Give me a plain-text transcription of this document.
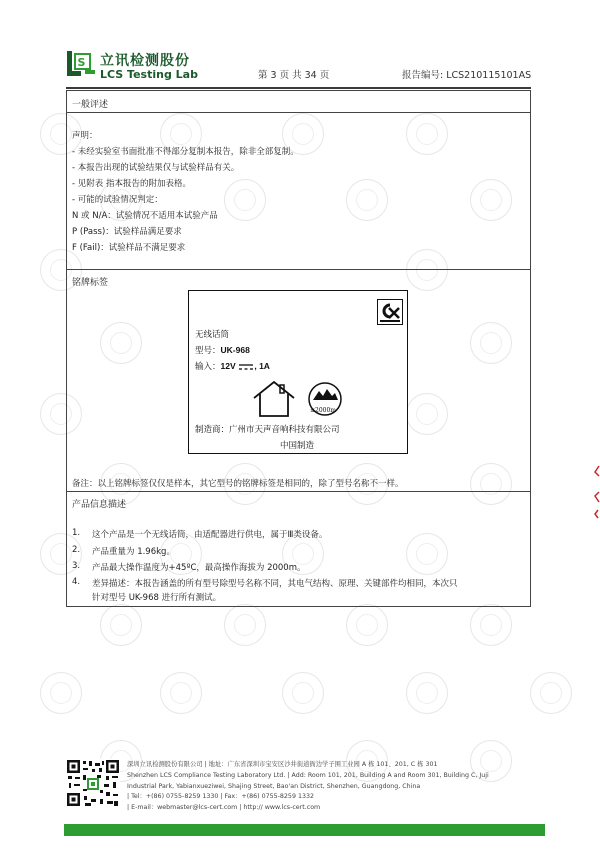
S 立讯检测股份
LCS Testing Lab	第 3 页 共 34 页	报告编号: LCS210115101AS
一般评述
声明：
- 未经实验室书面批准不得部分复制本报告，除非全部复制。
- 本报告出现的试验结果仅与试验样品有关。
- 见附表 指本报告的附加表格。
- 可能的试验情况判定：
N 或 N/A：试验情况不适用本试验产品
P (Pass)：试验样品满足要求
F (Fail)：试验样品不满足要求
铭牌标签
无线话筒
型号：UK-968
输入：12V , 1A
≤2000m
制造商：广州市天声音响科技有限公司
中国制造
备注：以上铭牌标签仅仅是样本，其它型号的铭牌标签是相同的，除了型号名称不一样。
产品信息描述
1. 这个产品是一个无线话筒，由适配器进行供电，属于Ⅲ类设备。
2. 产品重量为 1.96kg。
3. 产品最大操作温度为+45ºC，最高操作海拔为 2000m。
4. 差异描述：本报告涵盖的所有型号除型号名称不同，其电气结构、原理、关键部件均相同，本次只
针对型号 UK-968 进行所有测试。
深圳立讯检测股份有限公司 | 地址：广东省深圳市宝安区沙井街道衙边学子围工业园 A 栋 101、201, C 栋 301
Shenzhen LCS Compliance Testing Laboratory Ltd. | Add: Room 101, 201, Building A and Room 301, Building C, Juji
Industrial Park, Yabianxueziwei, Shajing Street, Bao'an District, Shenzhen, Guangdong, China
| Tel：+(86) 0755-8259 1330 | Fax：+(86) 0755-8259 1332
| E-mail：webmaster@lcs-cert.com | http:// www.lcs-cert.com
